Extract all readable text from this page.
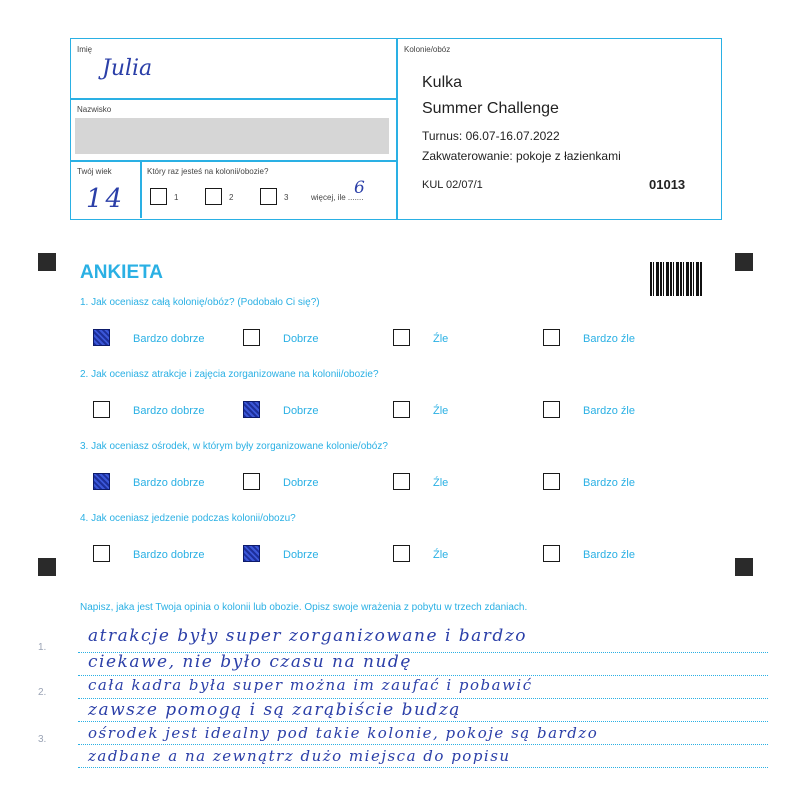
Imię
Julia
Nazwisko
Twój wiek
14
Który raz jesteś na kolonii/obozie?
1	2	3	więcej, ile .......
6
Kolonie/obóz
Kulka
Summer Challenge
Turnus: 06.07-16.07.2022
Zakwaterowanie: pokoje z łazienkami
KUL 02/07/1	01013
ANKIETA
1. Jak oceniasz całą kolonię/obóz? (Podobało Ci się?)
2. Jak oceniasz atrakcje i zajęcia zorganizowane na kolonii/obozie?
3. Jak oceniasz ośrodek, w którym były zorganizowane kolonie/obóz?
4. Jak oceniasz jedzenie podczas kolonii/obozu?
Bardzo dobrze	Dobrze	Źle	Bardzo źle
Bardzo dobrze	Dobrze	Źle	Bardzo źle
Bardzo dobrze	Dobrze	Źle	Bardzo źle
Bardzo dobrze	Dobrze	Źle	Bardzo źle
Napisz, jaka jest Twoja opinia o kolonii lub obozie. Opisz swoje wrażenia z pobytu w trzech zdaniach.
1.
2.
3.
atrakcje były super zorganizowane i bardzo
ciekawe, nie było czasu na nudę
cała kadra była super można im zaufać i pobawić
zawsze pomogą i są zarąbiście budzą
ośrodek jest idealny pod takie kolonie, pokoje są bardzo
zadbane a na zewnątrz dużo miejsca do popisu
